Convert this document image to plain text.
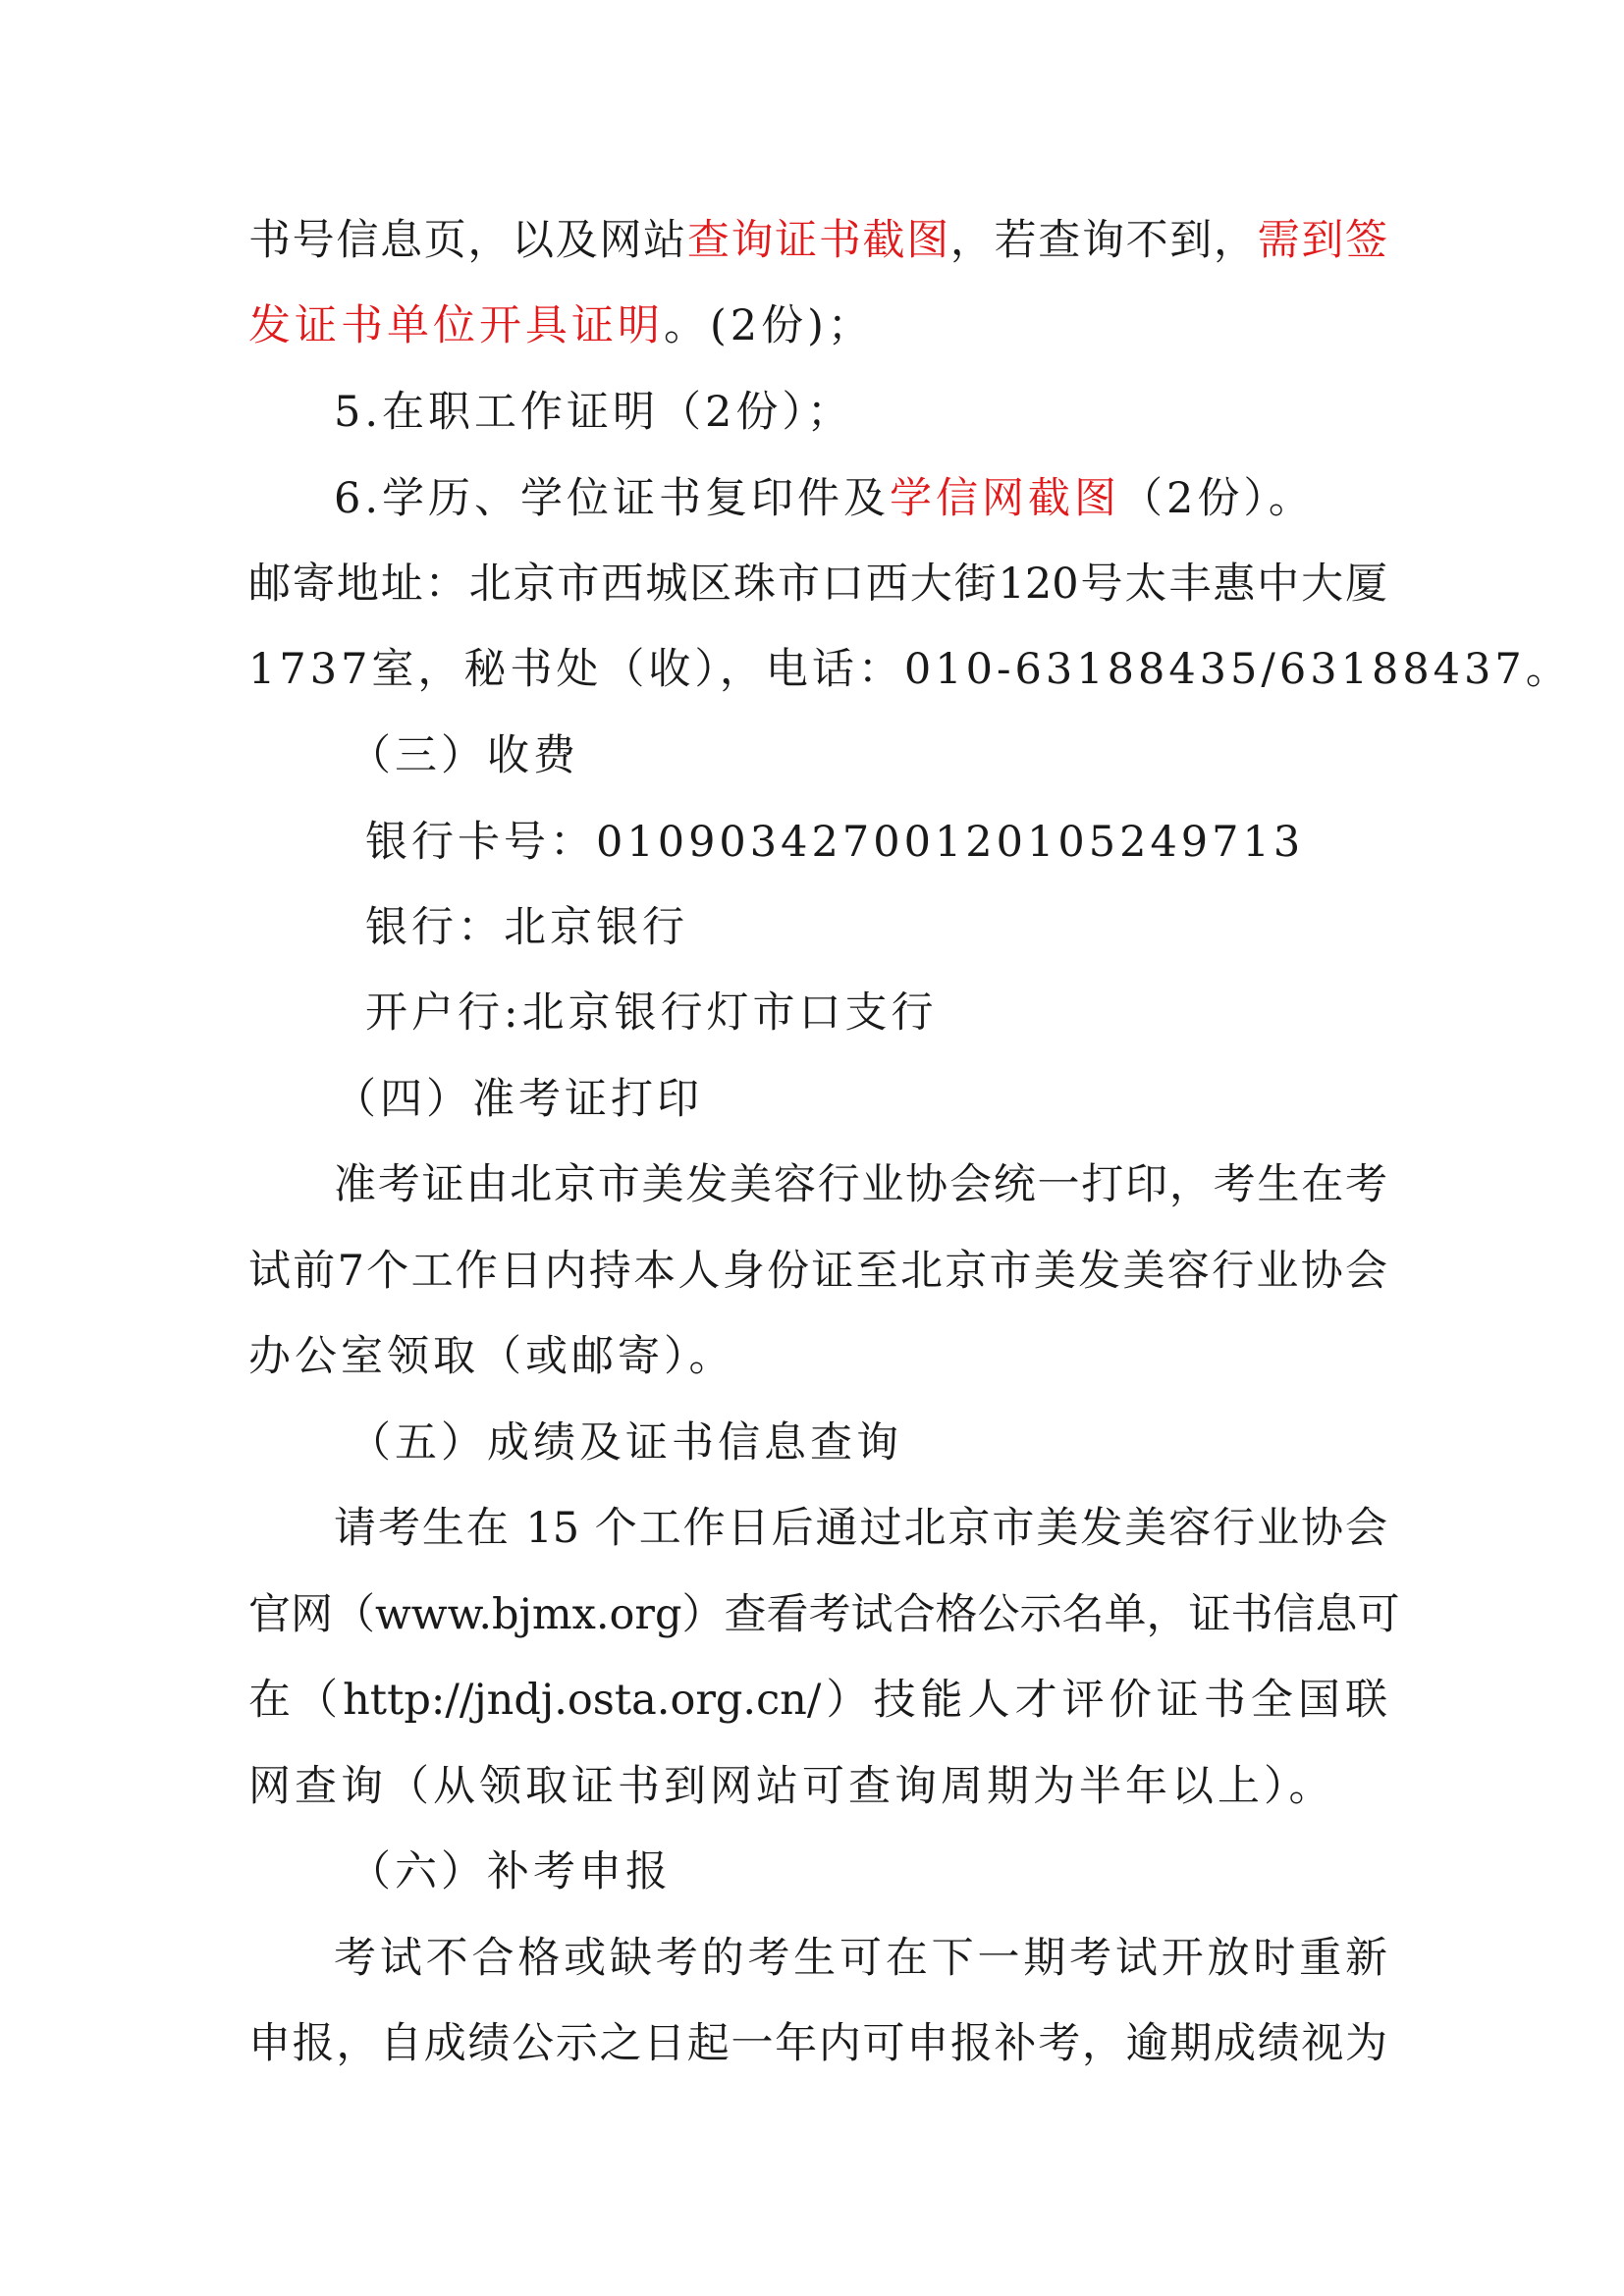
书号信息页，以及网站查询证书截图，若查询不到，需到签

发证书单位开具证明。(2份)；

5.在职工作证明（2份）；

6.学历、学位证书复印件及学信网截图（2份）。

邮寄地址：北京市西城区珠市口西大街120号太丰惠中大厦

1737室，秘书处（收），电话：010-63188435/63188437。

（三）收费

银行卡号：01090342700120105249713

银行：北京银行

开户行:北京银行灯市口支行

（四）准考证打印

准考证由北京市美发美容行业协会统一打印，考生在考

试前7个工作日内持本人身份证至北京市美发美容行业协会

办公室领取（或邮寄）。

（五）成绩及证书信息查询

请考生在 15 个工作日后通过北京市美发美容行业协会

官网（www.bjmx.org）查看考试合格公示名单，证书信息可

在（http://jndj.osta.org.cn/）技能人才评价证书全国联

网查询（从领取证书到网站可查询周期为半年以上）。

（六）补考申报

考试不合格或缺考的考生可在下一期考试开放时重新

申报，自成绩公示之日起一年内可申报补考，逾期成绩视为
